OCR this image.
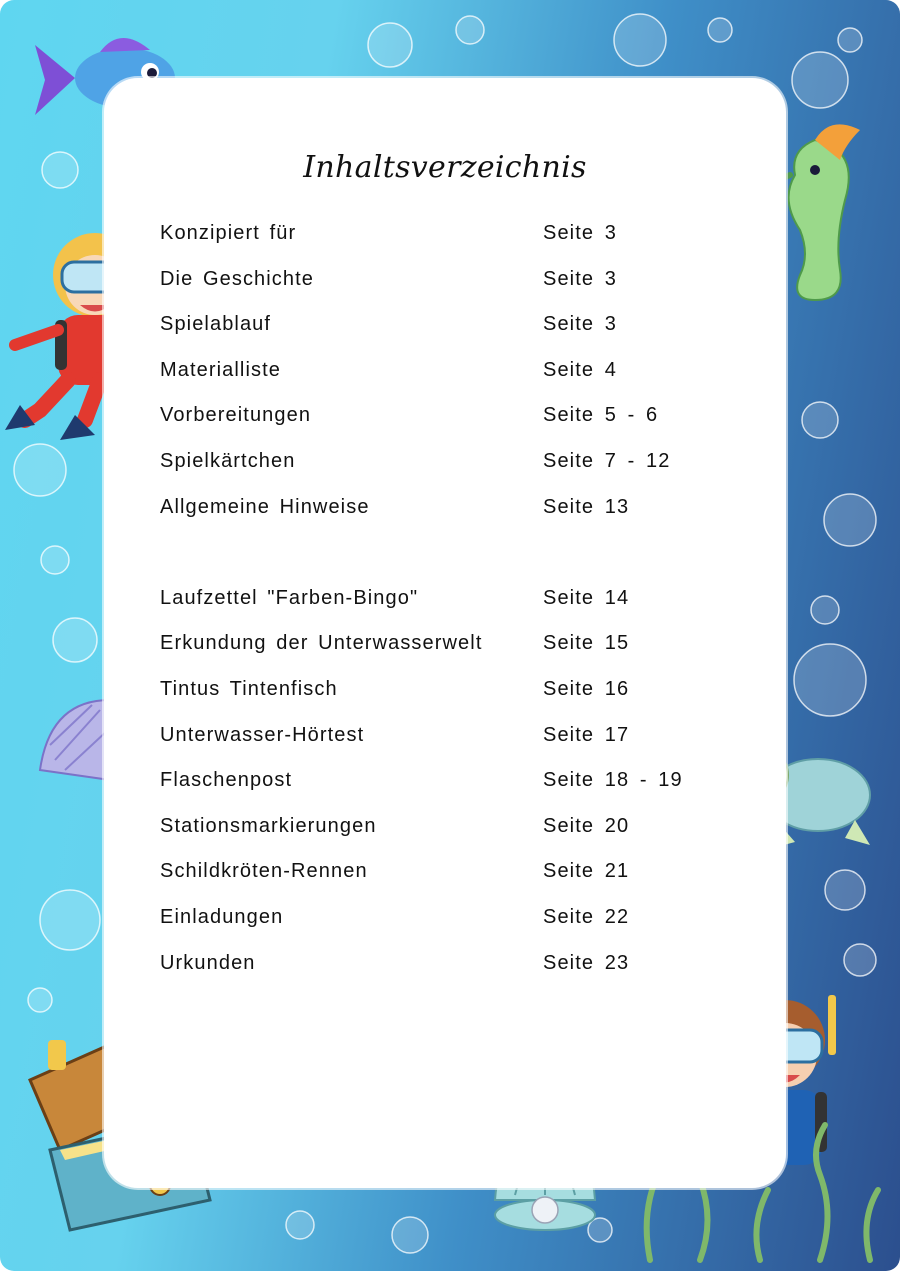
Inhaltsverzeichnis
Konzipiert für	Seite 3
Die Geschichte	Seite 3
Spielablauf	Seite 3
Materialliste	Seite 4
Vorbereitungen	Seite 5 - 6
Spielkärtchen	Seite 7 - 12
Allgemeine Hinweise	Seite 13
Laufzettel "Farben-Bingo"	Seite 14
Erkundung der Unterwasserwelt	Seite 15
Tintus Tintenfisch	Seite 16
Unterwasser-Hörtest	Seite 17
Flaschenpost	Seite 18 - 19
Stationsmarkierungen	Seite 20
Schildkröten-Rennen	Seite 21
Einladungen	Seite 22
Urkunden	Seite 23
